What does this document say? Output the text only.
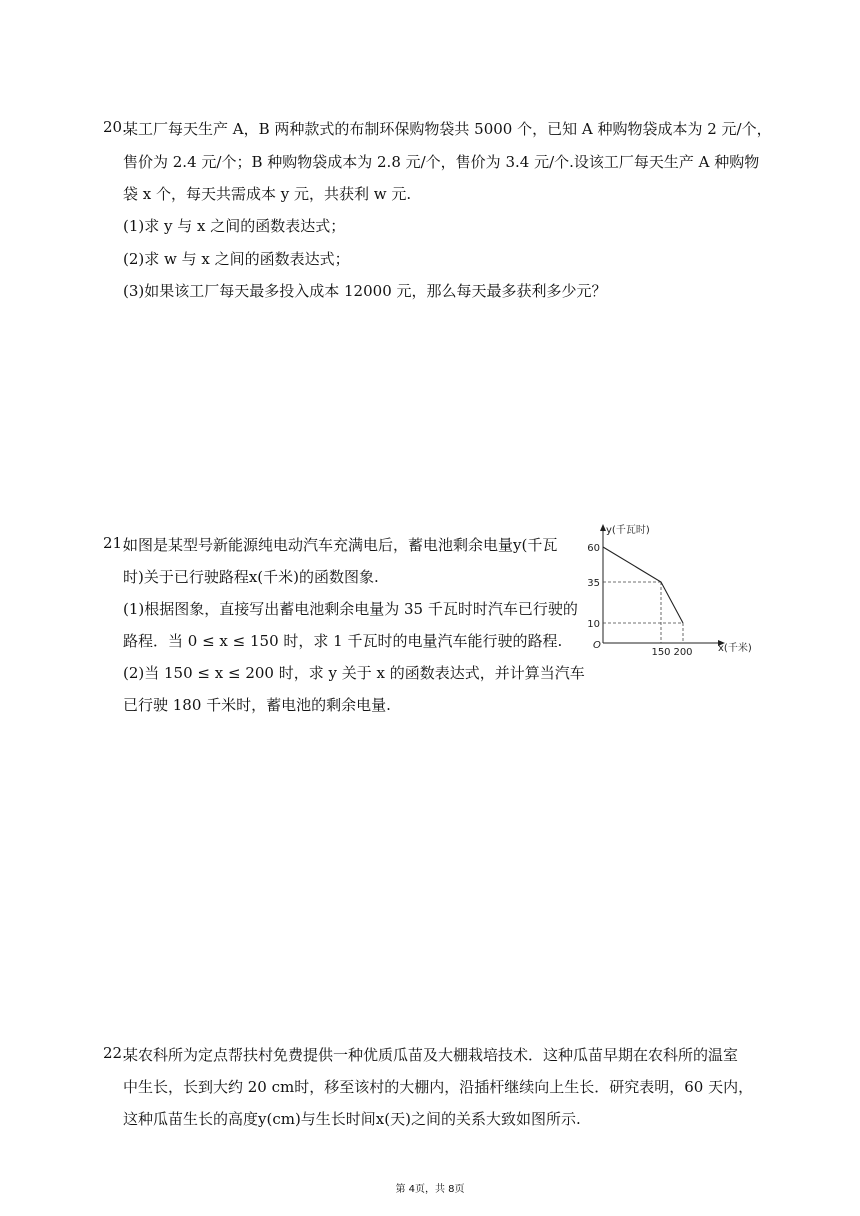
20.
某工厂每天生产 A，B 两种款式的布制环保购物袋共 5000 个，已知 A 种购物袋成本为 2 元/个，
售价为 2.4 元/个；B 种购物袋成本为 2.8 元/个，售价为 3.4 元/个.设该工厂每天生产 A 种购物
袋 x 个，每天共需成本 y 元，共获利 w 元.
(1)求 y 与 x 之间的函数表达式；
(2)求 w 与 x 之间的函数表达式；
(3)如果该工厂每天最多投入成本 12000 元，那么每天最多获利多少元？
21.
如图是某型号新能源纯电动汽车充满电后，蓄电池剩余电量y(千瓦
时)关于已行驶路程x(千米)的函数图象.
(1)根据图象，直接写出蓄电池剩余电量为 35 千瓦时时汽车已行驶的
路程．当 0 ≤ x ≤ 150 时，求 1 千瓦时的电量汽车能行驶的路程.
(2)当 150 ≤ x ≤ 200 时，求 y 关于 x 的函数表达式，并计算当汽车
已行驶 180 千米时，蓄电池的剩余电量.
y(千瓦时)
x(千米)
O
60
35
10
150 200
22.
某农科所为定点帮扶村免费提供一种优质瓜苗及大棚栽培技术．这种瓜苗早期在农科所的温室
中生长，长到大约 20 cm时，移至该村的大棚内，沿插杆继续向上生长．研究表明，60 天内，
这种瓜苗生长的高度y(cm)与生长时间x(天)之间的关系大致如图所示.
第 4页，共 8页
